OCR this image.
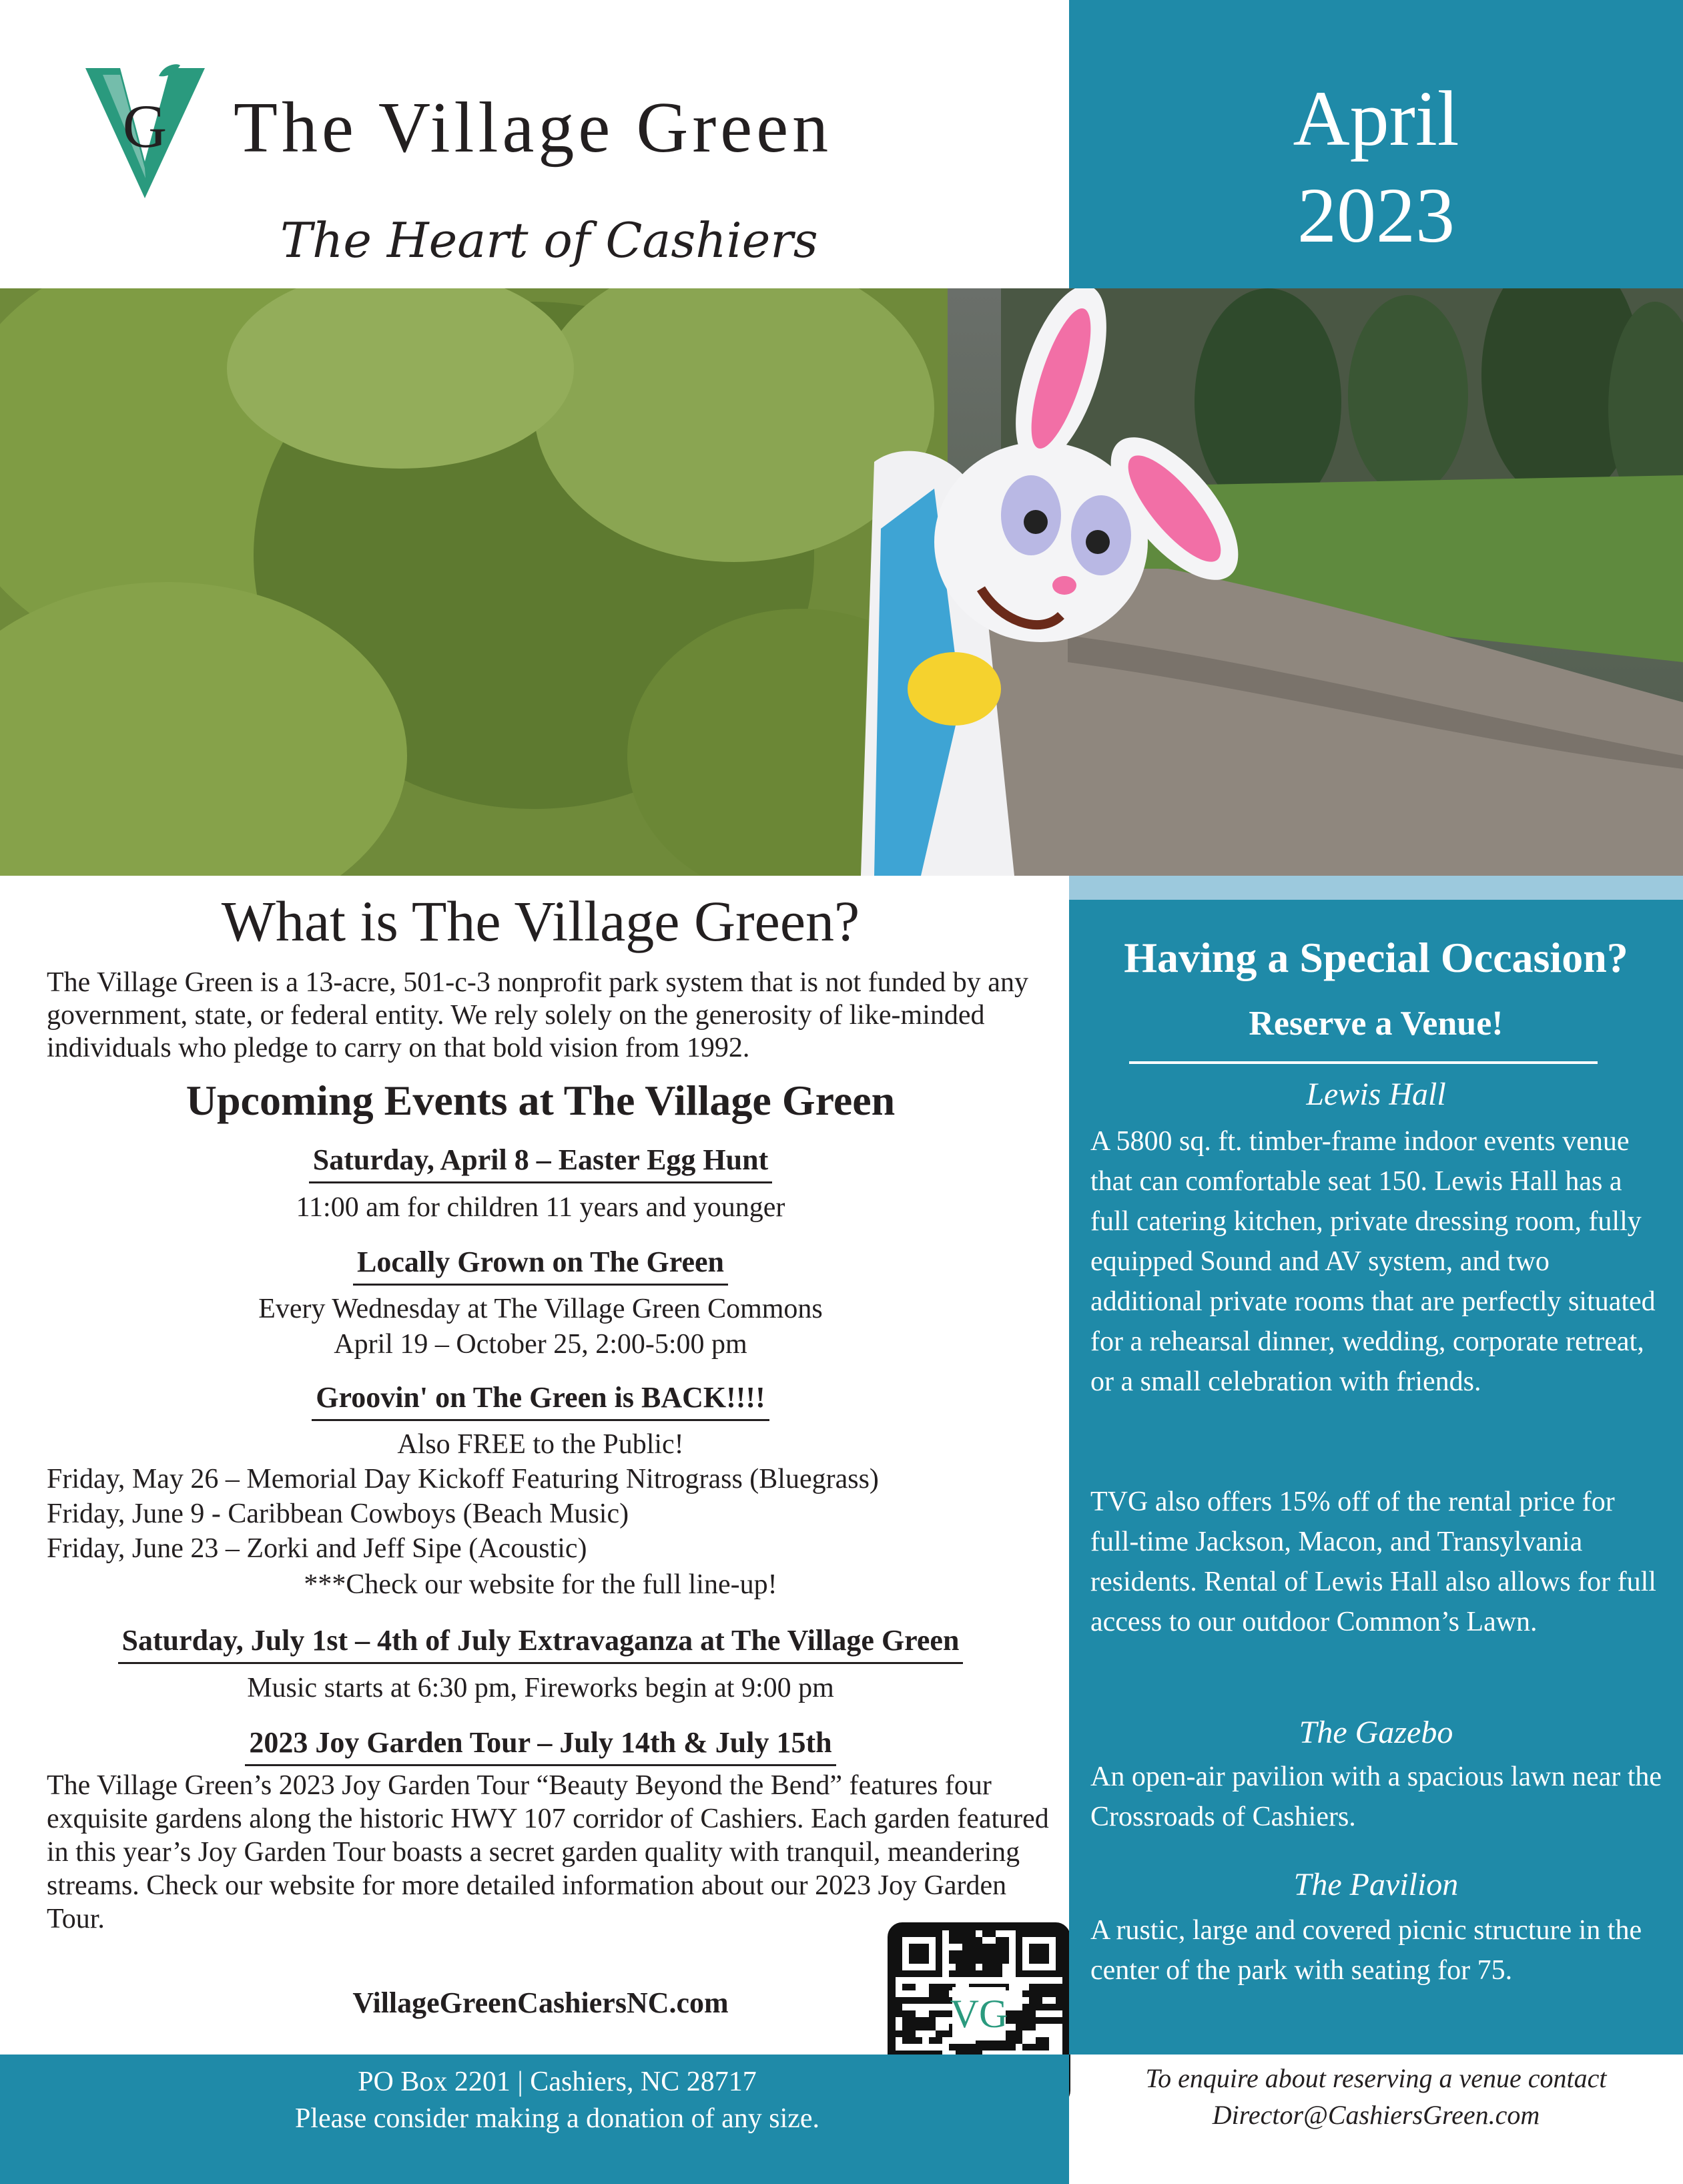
G The Village Green
The Heart of Cashiers
April
2023
What is The Village Green?
The Village Green is a 13-acre, 501-c-3 nonprofit park system that is not funded by any government, state, or federal entity. We rely solely on the generosity of like-minded individuals who pledge to carry on that bold vision from 1992.
Upcoming Events at The Village Green
Saturday, April 8 – Easter Egg Hunt
11:00 am for children 11 years and younger
Locally Grown on The Green
Every Wednesday at The Village Green Commons
April 19 – October 25, 2:00-5:00 pm
Groovin' on The Green is BACK!!!!
Also FREE to the Public!
Friday, May 26 – Memorial Day Kickoff Featuring Nitrograss (Bluegrass)
Friday, June 9 - Caribbean Cowboys (Beach Music)
Friday, June 23 – Zorki and Jeff Sipe (Acoustic)
***Check our website for the full line-up!
Saturday, July 1st – 4th of July Extravaganza at The Village Green
Music starts at 6:30 pm, Fireworks begin at 9:00 pm
2023 Joy Garden Tour – July 14th & July 15th
The Village Green’s 2023 Joy Garden Tour “Beauty Beyond the Bend” features four exquisite gardens along the historic HWY 107 corridor of Cashiers. Each garden featured in this year’s Joy Garden Tour boasts a secret garden quality with tranquil, meandering streams. Check our website for more detailed information about our 2023 Joy Garden Tour.
VillageGreenCashiersNC.com	VG
PO Box 2201 | Cashiers, NC 28717
Please consider making a donation of any size.
Having a Special Occasion?
Reserve a Venue!
Lewis Hall
A 5800 sq. ft. timber-frame indoor events venue that can comfortable seat 150. Lewis Hall has a full catering kitchen, private dressing room, fully equipped Sound and AV system, and two additional private rooms that are perfectly situated for a rehearsal dinner, wedding, corporate retreat, or a small celebration with friends.
TVG also offers 15% off of the rental price for full-time Jackson, Macon, and Transylvania residents. Rental of Lewis Hall also allows for full access to our outdoor Common’s Lawn.
The Gazebo
An open-air pavilion with a spacious lawn near the Crossroads of Cashiers.
The Pavilion
A rustic, large and covered picnic structure in the center of the park with seating for 75.
To enquire about reserving a venue contact
Director@CashiersGreen.com
